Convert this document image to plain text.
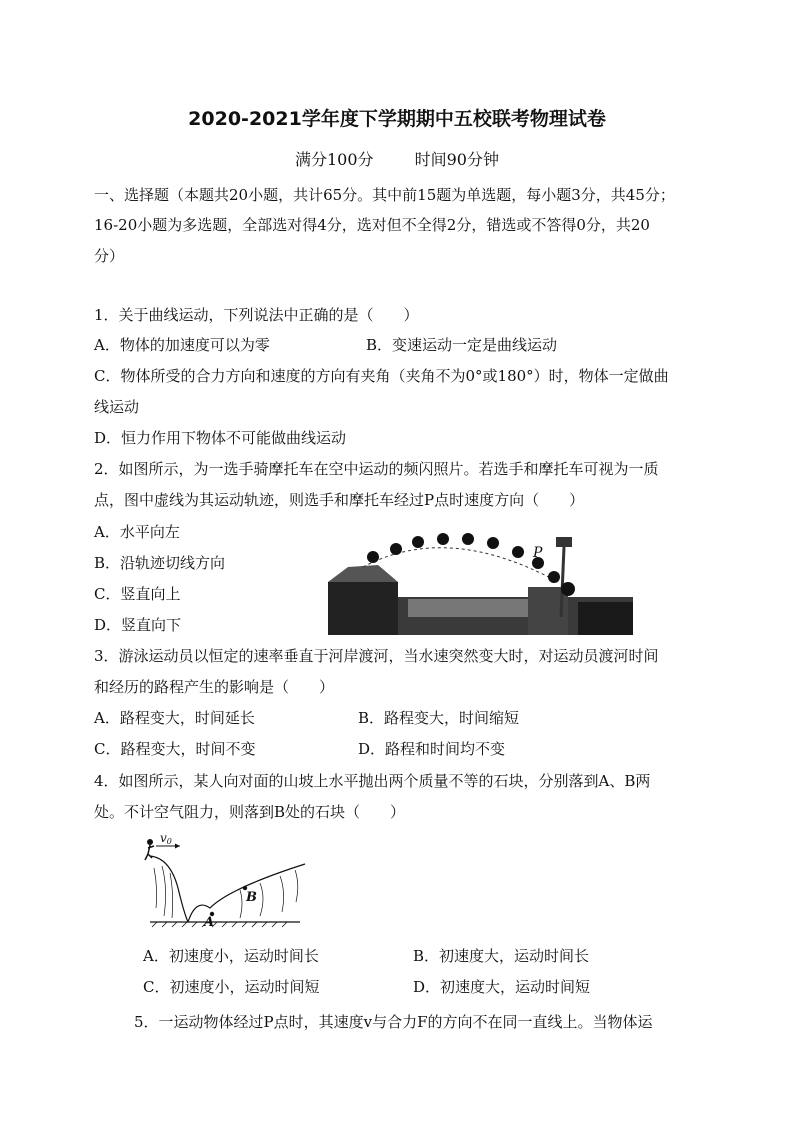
2020-2021学年度下学期期中五校联考物理试卷
满分100分	时间90分钟
一、选择题（本题共20小题，共计65分。其中前15题为单选题，每小题3分，共45分；
16-20小题为多选题，全部选对得4分，选对但不全得2分，错选或不答得0分，共20
分）
1．关于曲线运动，下列说法中正确的是（　　）
A．物体的加速度可以为零	B．变速运动一定是曲线运动
C．物体所受的合力方向和速度的方向有夹角（夹角不为0°或180°）时，物体一定做曲
线运动
D．恒力作用下物体不可能做曲线运动
2．如图所示，为一选手骑摩托车在空中运动的频闪照片。若选手和摩托车可视为一质
点，图中虚线为其运动轨迹，则选手和摩托车经过P点时速度方向（　　）
A．水平向左
B．沿轨迹切线方向
C．竖直向上
D．竖直向下
P
3．游泳运动员以恒定的速率垂直于河岸渡河，当水速突然变大时，对运动员渡河时间
和经历的路程产生的影响是（　　）
A．路程变大，时间延长	B．路程变大，时间缩短
C．路程变大，时间不变	D．路程和时间均不变
4．如图所示，某人向对面的山坡上水平抛出两个质量不等的石块，分别落到A、B两
处。不计空气阻力，则落到B处的石块（　　）
v0
A
B
A．初速度小，运动时间长	B．初速度大，运动时间长
C．初速度小，运动时间短	D．初速度大，运动时间短
5．一运动物体经过P点时，其速度v与合力F的方向不在同一直线上。当物体运
